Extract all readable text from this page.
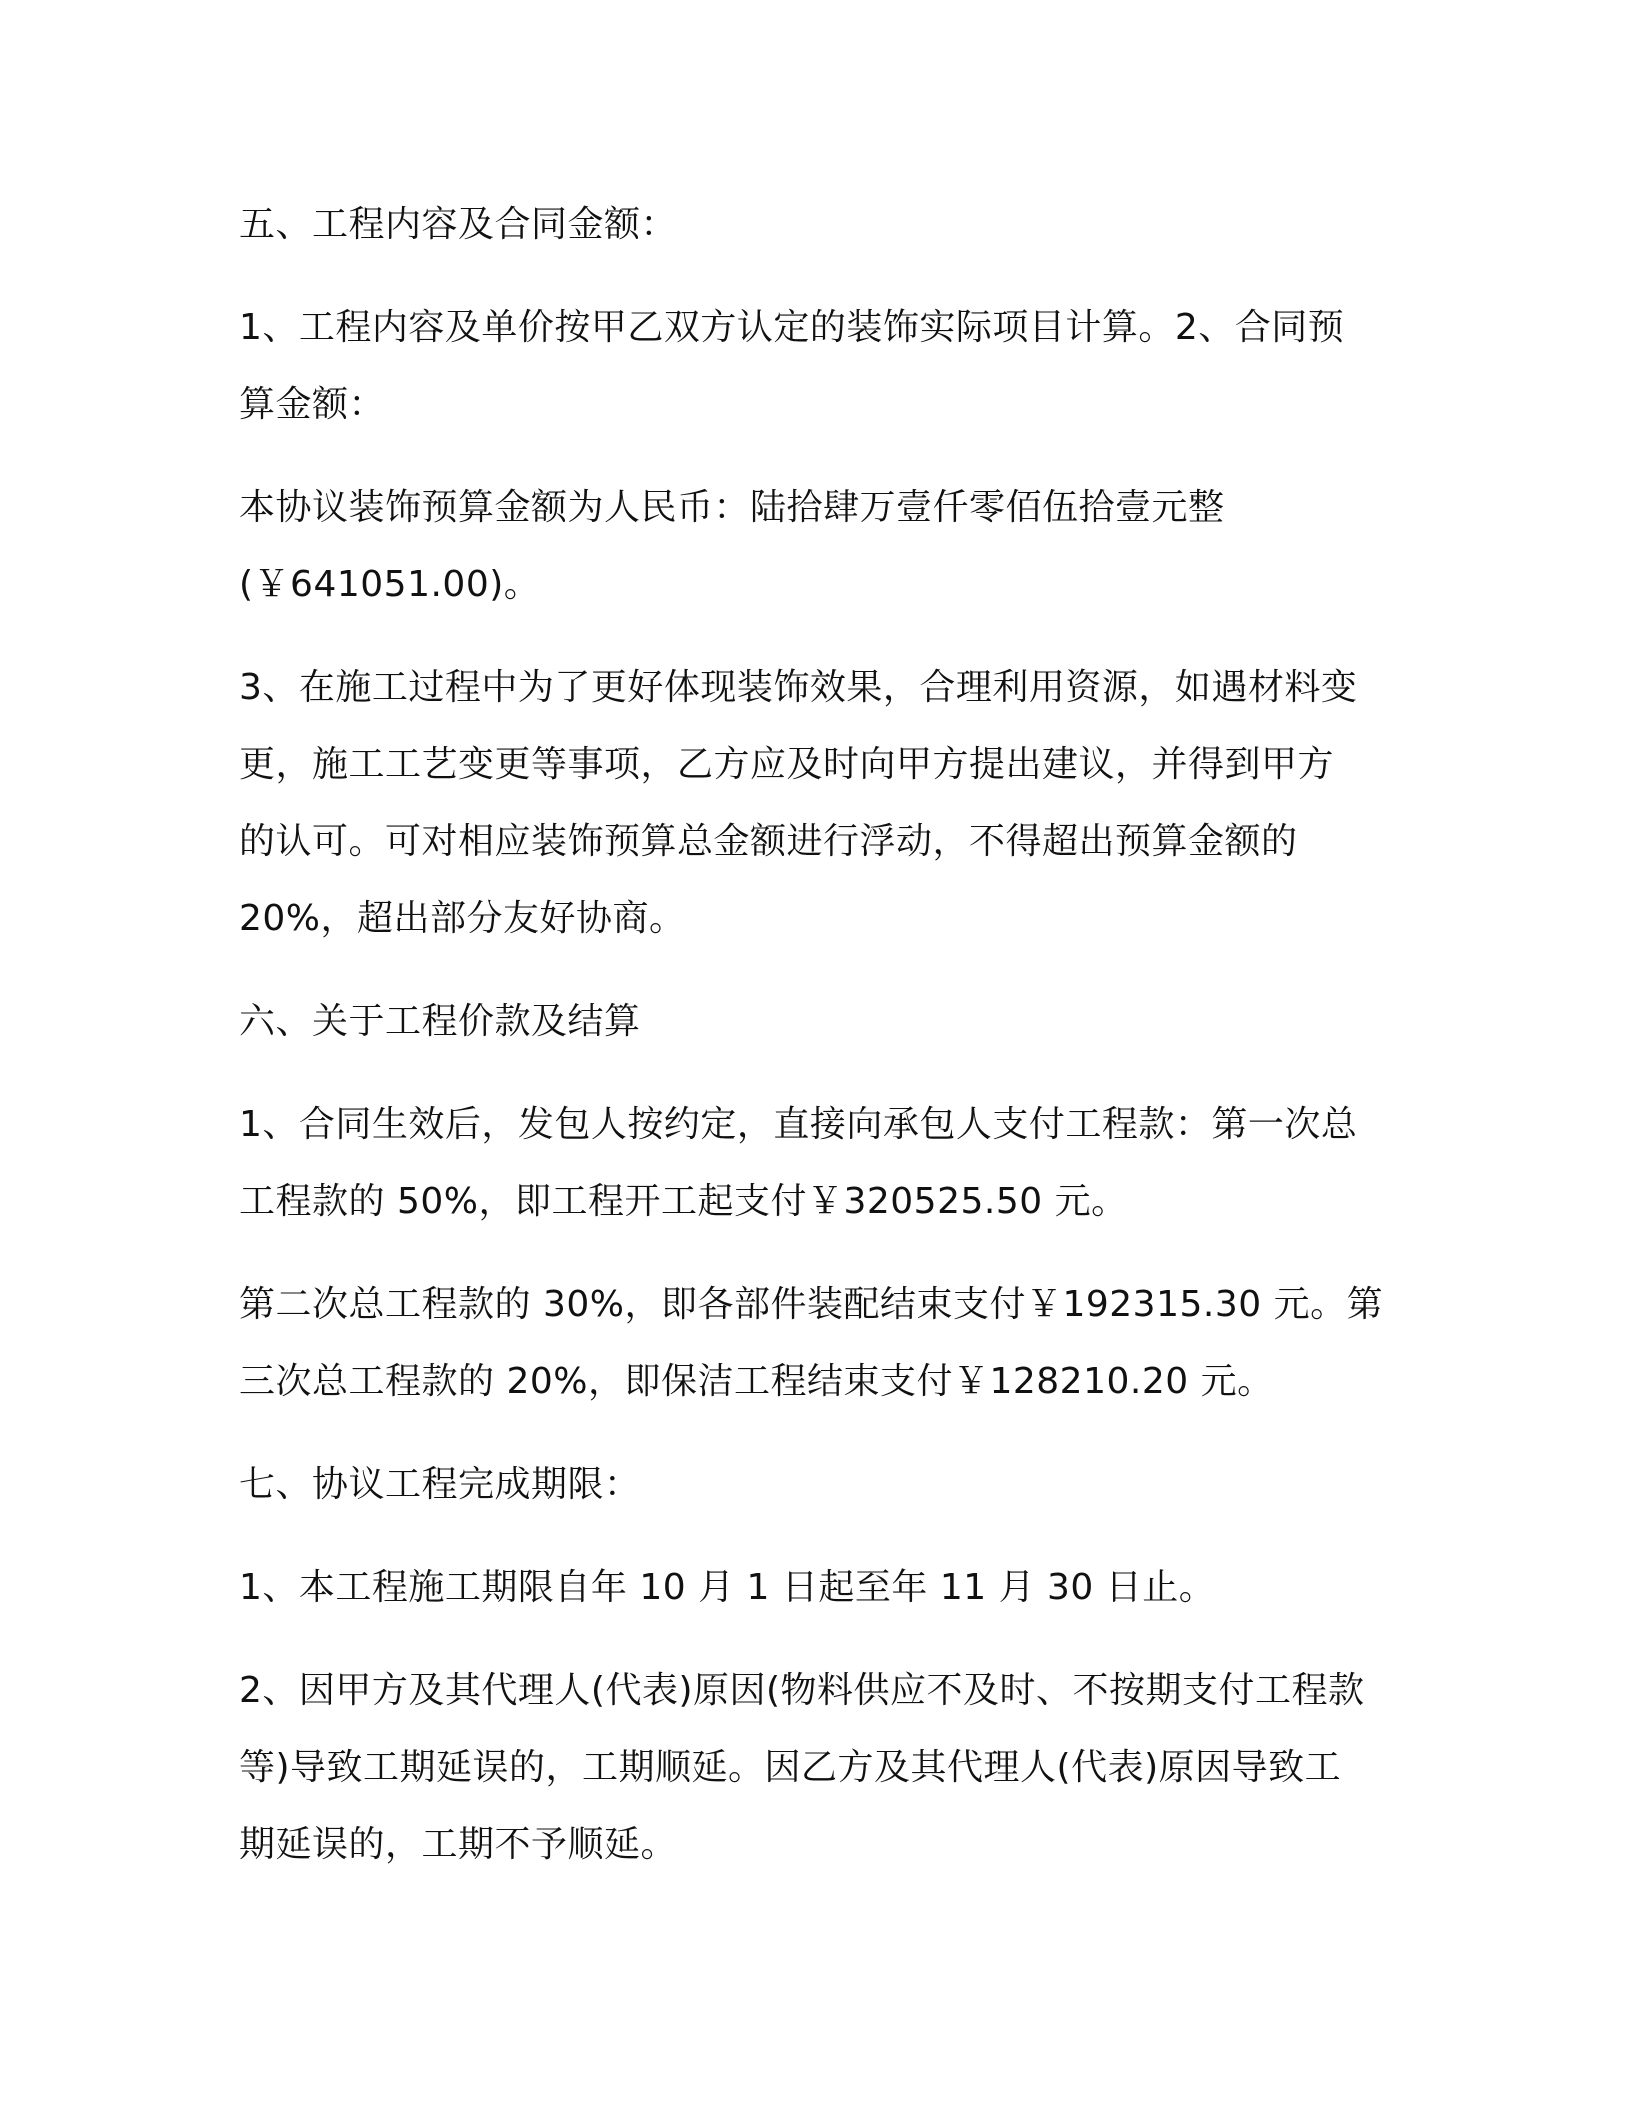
五、工程内容及合同金额：

1、工程内容及单价按甲乙双方认定的装饰实际项目计算。2、合同预

算金额：

本协议装饰预算金额为人民币：陆拾肆万壹仟零佰伍拾壹元整

(￥641051.00)。

3、在施工过程中为了更好体现装饰效果，合理利用资源，如遇材料变

更，施工工艺变更等事项，乙方应及时向甲方提出建议，并得到甲方

的认可。可对相应装饰预算总金额进行浮动，不得超出预算金额的

20%，超出部分友好协商。

六、关于工程价款及结算

1、合同生效后，发包人按约定，直接向承包人支付工程款：第一次总

工程款的 50%，即工程开工起支付￥320525.50 元。

第二次总工程款的 30%，即各部件装配结束支付￥192315.30 元。第

三次总工程款的 20%，即保洁工程结束支付￥128210.20 元。

七、协议工程完成期限：

1、本工程施工期限自年 10 月 1 日起至年 11 月 30 日止。

2、因甲方及其代理人(代表)原因(物料供应不及时、不按期支付工程款

等)导致工期延误的，工期顺延。因乙方及其代理人(代表)原因导致工

期延误的，工期不予顺延。
